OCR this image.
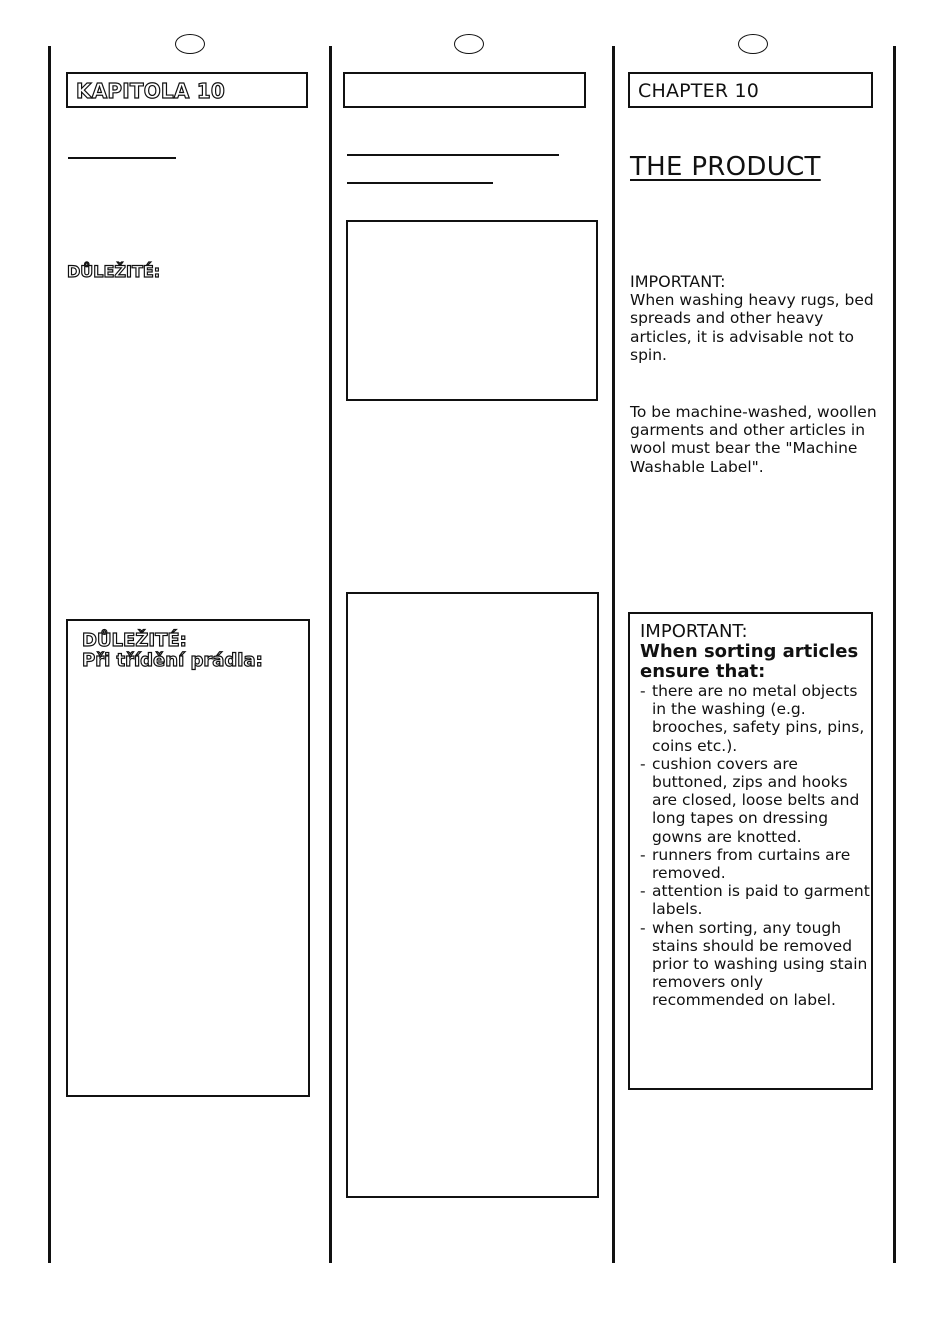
KAPITOLA 10
DŮLEŽITÉ:
DŮLEŽITÉ:
Při třídění prádla:
CHAPTER 10
THE PRODUCT
IMPORTANT:
When washing heavy rugs, bed spreads and other heavy articles, it is advisable not to spin.
To be machine-washed, woollen garments and other articles in wool must bear the "Machine Washable Label".
IMPORTANT:
When sorting articles ensure that:
- there are no metal objects in the washing (e.g. brooches, safety pins, pins, coins etc.).
- cushion covers are buttoned, zips and hooks are closed, loose belts and long tapes on dressing gowns are knotted.
- runners from curtains are removed.
- attention is paid to garment labels.
- when sorting, any tough stains should be removed prior to washing using stain removers only recommended on label.
